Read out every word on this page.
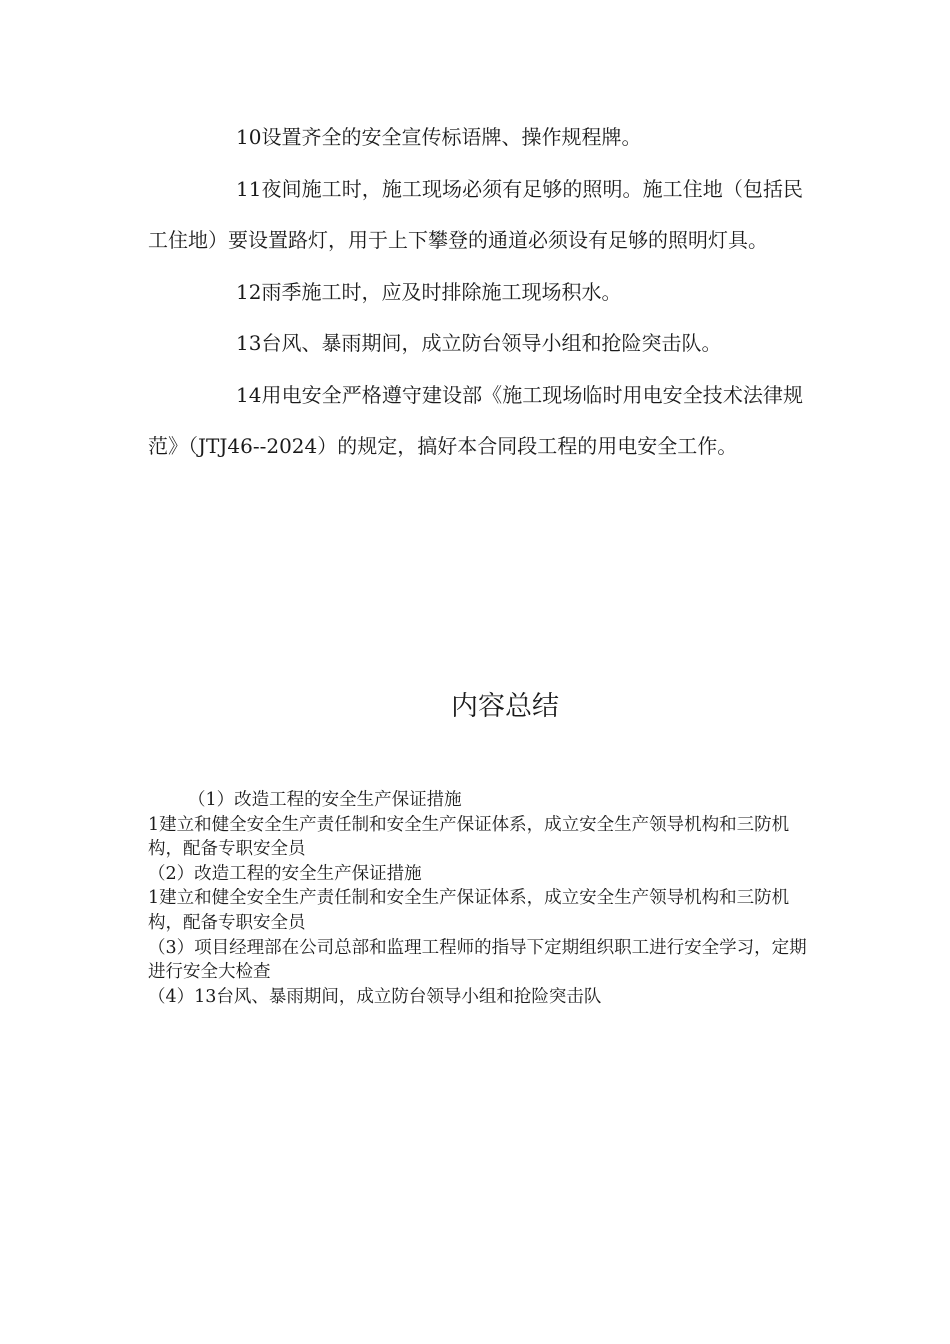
10设置齐全的安全宣传标语牌、操作规程牌。

11夜间施工时，施工现场必须有足够的照明。施工住地（包括民工住地）要设置路灯，用于上下攀登的通道必须设有足够的照明灯具。

12雨季施工时，应及时排除施工现场积水。

13台风、暴雨期间，成立防台领导小组和抢险突击队。

14用电安全严格遵守建设部《施工现场临时用电安全技术法律规范》（JTJ46--2024）的规定，搞好本合同段工程的用电安全工作。

内容总结

（1）改造工程的安全生产保证措施

1建立和健全安全生产责任制和安全生产保证体系，成立安全生产领导机构和三防机构，配备专职安全员

（2）改造工程的安全生产保证措施

1建立和健全安全生产责任制和安全生产保证体系，成立安全生产领导机构和三防机构，配备专职安全员

（3）项目经理部在公司总部和监理工程师的指导下定期组织职工进行安全学习，定期进行安全大检查

（4）13台风、暴雨期间，成立防台领导小组和抢险突击队
